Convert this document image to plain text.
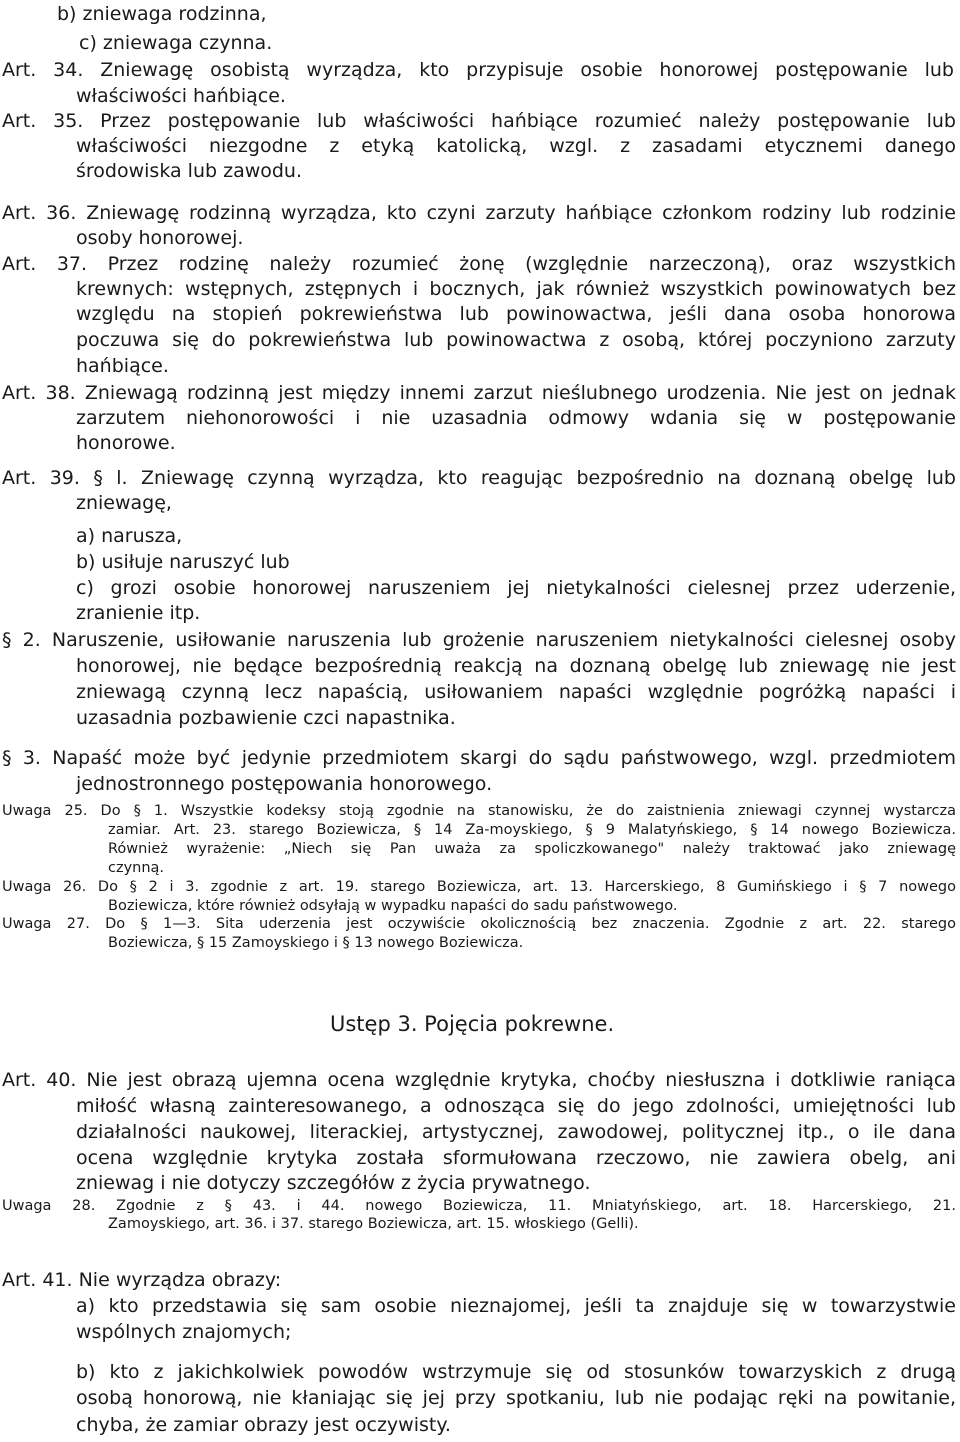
b) zniewaga rodzinna,
c) zniewaga czynna.
Art. 34. Zniewagę osobistą wyrządza, kto przypisuje osobie honorowej postępowanie lub
właściwości hańbiące.
Art. 35. Przez postępowanie lub właściwości hańbiące rozumieć należy postępowanie lub
właściwości niezgodne z etyką katolicką, wzgl. z zasadami etycznemi danego
środowiska lub zawodu.
Art. 36. Zniewagę rodzinną wyrządza, kto czyni zarzuty hańbiące członkom rodziny lub rodzinie
osoby honorowej.
Art. 37. Przez rodzinę należy rozumieć żonę (względnie narzeczoną), oraz wszystkich
krewnych: wstępnych, zstępnych i bocznych, jak również wszystkich powinowatych bez
względu na stopień pokrewieństwa lub powinowactwa, jeśli dana osoba honorowa
poczuwa się do pokrewieństwa lub powinowactwa z osobą, której poczyniono zarzuty
hańbiące.
Art. 38. Zniewagą rodzinną jest między innemi zarzut nieślubnego urodzenia. Nie jest on jednak
zarzutem niehonorowości i nie uzasadnia odmowy wdania się w postępowanie
honorowe.
Art. 39. § l. Zniewagę czynną wyrządza, kto reagując bezpośrednio na doznaną obelgę lub
zniewagę,
a) narusza,
b) usiłuje naruszyć lub
c) grozi osobie honorowej naruszeniem jej nietykalności cielesnej przez uderzenie,
zranienie itp.
§ 2. Naruszenie, usiłowanie naruszenia lub grożenie naruszeniem nietykalności cielesnej osoby
honorowej, nie będące bezpośrednią reakcją na doznaną obelgę lub zniewagę nie jest
zniewagą czynną lecz napaścią, usiłowaniem napaści względnie pogróżką napaści i
uzasadnia pozbawienie czci napastnika.
§ 3. Napaść może być jedynie przedmiotem skargi do sądu państwowego, wzgl. przedmiotem
jednostronnego postępowania honorowego.
Uwaga 25. Do § 1. Wszystkie kodeksy stoją zgodnie na stanowisku, że do zaistnienia zniewagi czynnej wystarcza
zamiar. Art. 23. starego Boziewicza, § 14 Za-moyskiego, § 9 Malatyńskiego, § 14 nowego Boziewicza.
Również wyrażenie: „Niech się Pan uważa za spoliczkowanego" należy traktować jako zniewagę
czynną.
Uwaga 26. Do § 2 i 3. zgodnie z art. 19. starego Boziewicza, art. 13. Harcerskiego, 8 Gumińskiego i § 7 nowego
Boziewicza, które również odsyłają w wypadku napaści do sadu państwowego.
Uwaga 27. Do § 1—3. Sita uderzenia jest oczywiście okolicznością bez znaczenia. Zgodnie z art. 22. starego
Boziewicza, § 15 Zamoyskiego i § 13 nowego Boziewicza.
Ustęp 3. Pojęcia pokrewne.
Art. 40. Nie jest obrazą ujemna ocena względnie krytyka, choćby niesłuszna i dotkliwie raniąca
miłość własną zainteresowanego, a odnosząca się do jego zdolności, umiejętności lub
działalności naukowej, literackiej, artystycznej, zawodowej, politycznej itp., o ile dana
ocena względnie krytyka została sformułowana rzeczowo, nie zawiera obelg, ani
zniewag i nie dotyczy szczegółów z życia prywatnego.
Uwaga 28. Zgodnie z § 43. i 44. nowego Boziewicza, 11. Mniatyńskiego, art. 18. Harcerskiego, 21.
Zamoyskiego, art. 36. i 37. starego Boziewicza, art. 15. włoskiego (Gelli).
Art. 41. Nie wyrządza obrazy:
a) kto przedstawia się sam osobie nieznajomej, jeśli ta znajduje się w towarzystwie
wspólnych znajomych;
b) kto z jakichkolwiek powodów wstrzymuje się od stosunków towarzyskich z drugą
osobą honorową, nie kłaniając się jej przy spotkaniu, lub nie podając ręki na powitanie,
chyba, że zamiar obrazy jest oczywisty.
